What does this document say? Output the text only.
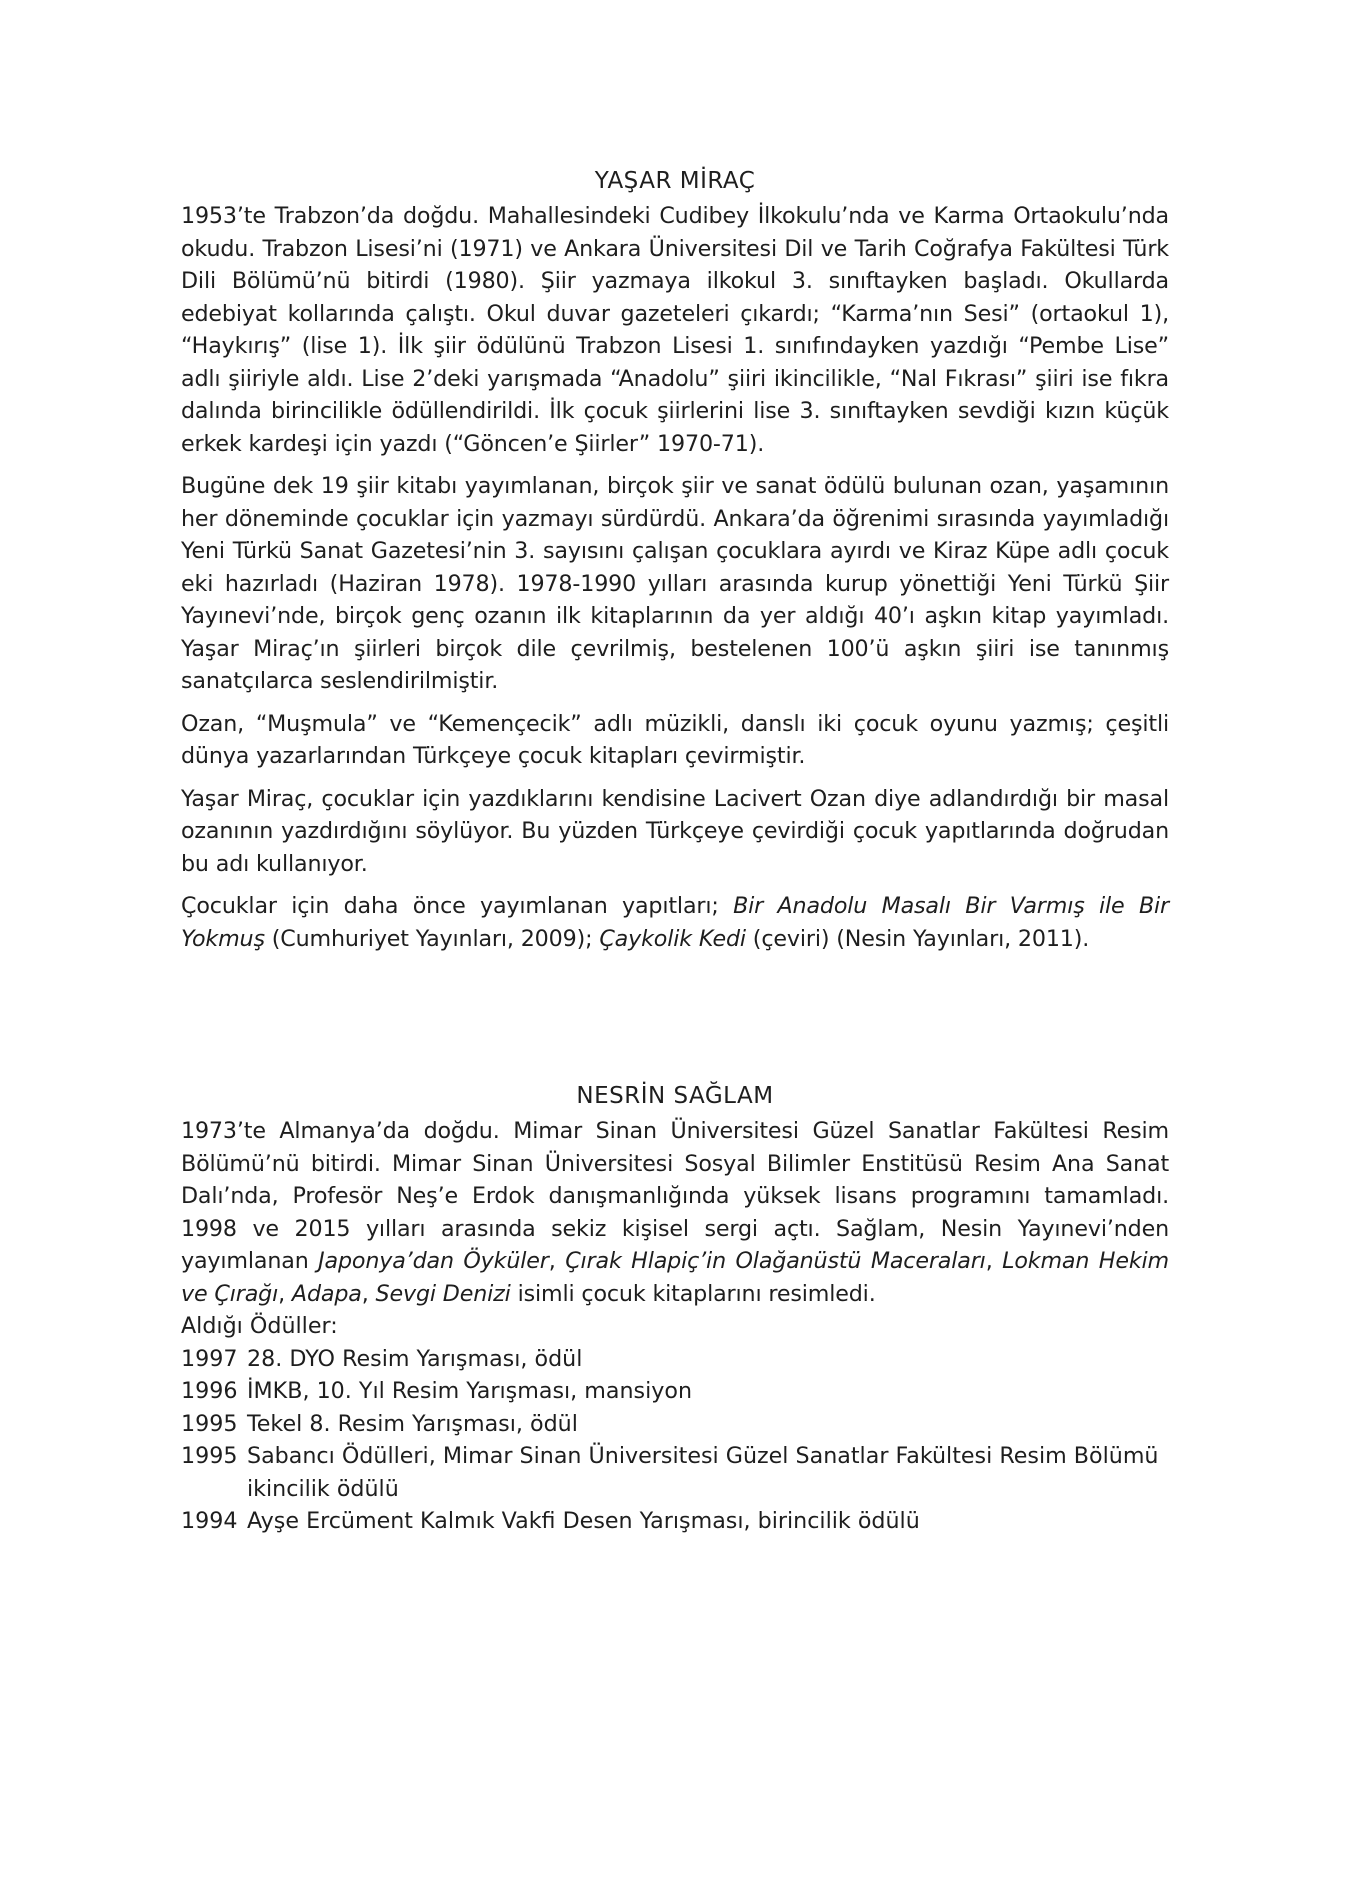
YAŞAR MİRAÇ

1953’te Trabzon’da doğdu. Mahallesindeki Cudibey İlkokulu’nda ve Karma Ortaokulu’nda okudu. Trabzon Lisesi’ni (1971) ve Ankara Üniversitesi Dil ve Tarih Coğrafya Fakültesi Türk Dili Bölümü’nü bitirdi (1980). Şiir yazmaya ilkokul 3. sınıftayken başladı. Okullarda edebiyat kollarında çalıştı. Okul duvar gazeteleri çıkardı; “Karma’nın Sesi” (ortaokul 1), “Haykırış” (lise 1). İlk şiir ödülünü Trabzon Lisesi 1. sınıfındayken yazdığı “Pembe Lise” adlı şiiriyle aldı. Lise 2’deki yarışmada “Anadolu” şiiri ikincilikle, “Nal Fıkrası” şiiri ise fıkra dalında birincilikle ödüllendirildi. İlk çocuk şiirlerini lise 3. sınıftayken sevdiği kızın küçük erkek kardeşi için yazdı (“Göncen’e Şiirler” 1970-71).

Bugüne dek 19 şiir kitabı yayımlanan, birçok şiir ve sanat ödülü bulunan ozan, yaşamının her döneminde çocuklar için yazmayı sürdürdü. Ankara’da öğrenimi sırasında yayımladığı Yeni Türkü Sanat Gazetesi’nin 3. sayısını çalışan çocuklara ayırdı ve Kiraz Küpe adlı çocuk eki hazırladı (Haziran 1978). 1978-1990 yılları arasında kurup yönettiği Yeni Türkü Şiir Yayınevi’nde, birçok genç ozanın ilk kitaplarının da yer aldığı 40’ı aşkın kitap yayımladı. Yaşar Miraç’ın şiirleri birçok dile çevrilmiş, bestelenen 100’ü aşkın şiiri ise tanınmış sanatçılarca seslendirilmiştir.

Ozan, “Muşmula” ve “Kemençecik” adlı müzikli, danslı iki çocuk oyunu yazmış; çeşitli dünya yazarlarından Türkçeye çocuk kitapları çevirmiştir.

Yaşar Miraç, çocuklar için yazdıklarını kendisine Lacivert Ozan diye adlandırdığı bir masal ozanının yazdırdığını söylüyor. Bu yüzden Türkçeye çevirdiği çocuk yapıtlarında doğrudan bu adı kullanıyor.

Çocuklar için daha önce yayımlanan yapıtları; Bir Anadolu Masalı Bir Varmış ile Bir Yokmuş (Cumhuriyet Yayınları, 2009); Çaykolik Kedi (çeviri) (Nesin Yayınları, 2011).

NESRİN SAĞLAM

1973’te Almanya’da doğdu. Mimar Sinan Üniversitesi Güzel Sanatlar Fakültesi Resim Bölümü’nü bitirdi. Mimar Sinan Üniversitesi Sosyal Bilimler Enstitüsü Resim Ana Sanat Dalı’nda, Profesör Neş’e Erdok danışmanlığında yüksek lisans programını tamamladı. 1998 ve 2015 yılları arasında sekiz kişisel sergi açtı. Sağlam, Nesin Yayınevi’nden yayımlanan Japonya’dan Öyküler, Çırak Hlapiç’in Olağanüstü Maceraları, Lokman Hekim ve Çırağı, Adapa, Sevgi Denizi isimli çocuk kitaplarını resimledi.

Aldığı Ödüller:

1997 28. DYO Resim Yarışması, ödül
1996 İMKB, 10. Yıl Resim Yarışması, mansiyon
1995 Tekel 8. Resim Yarışması, ödül
1995 Sabancı Ödülleri, Mimar Sinan Üniversitesi Güzel Sanatlar Fakültesi Resim Bölümü ikincilik ödülü
1994 Ayşe Ercüment Kalmık Vakfi Desen Yarışması, birincilik ödülü
